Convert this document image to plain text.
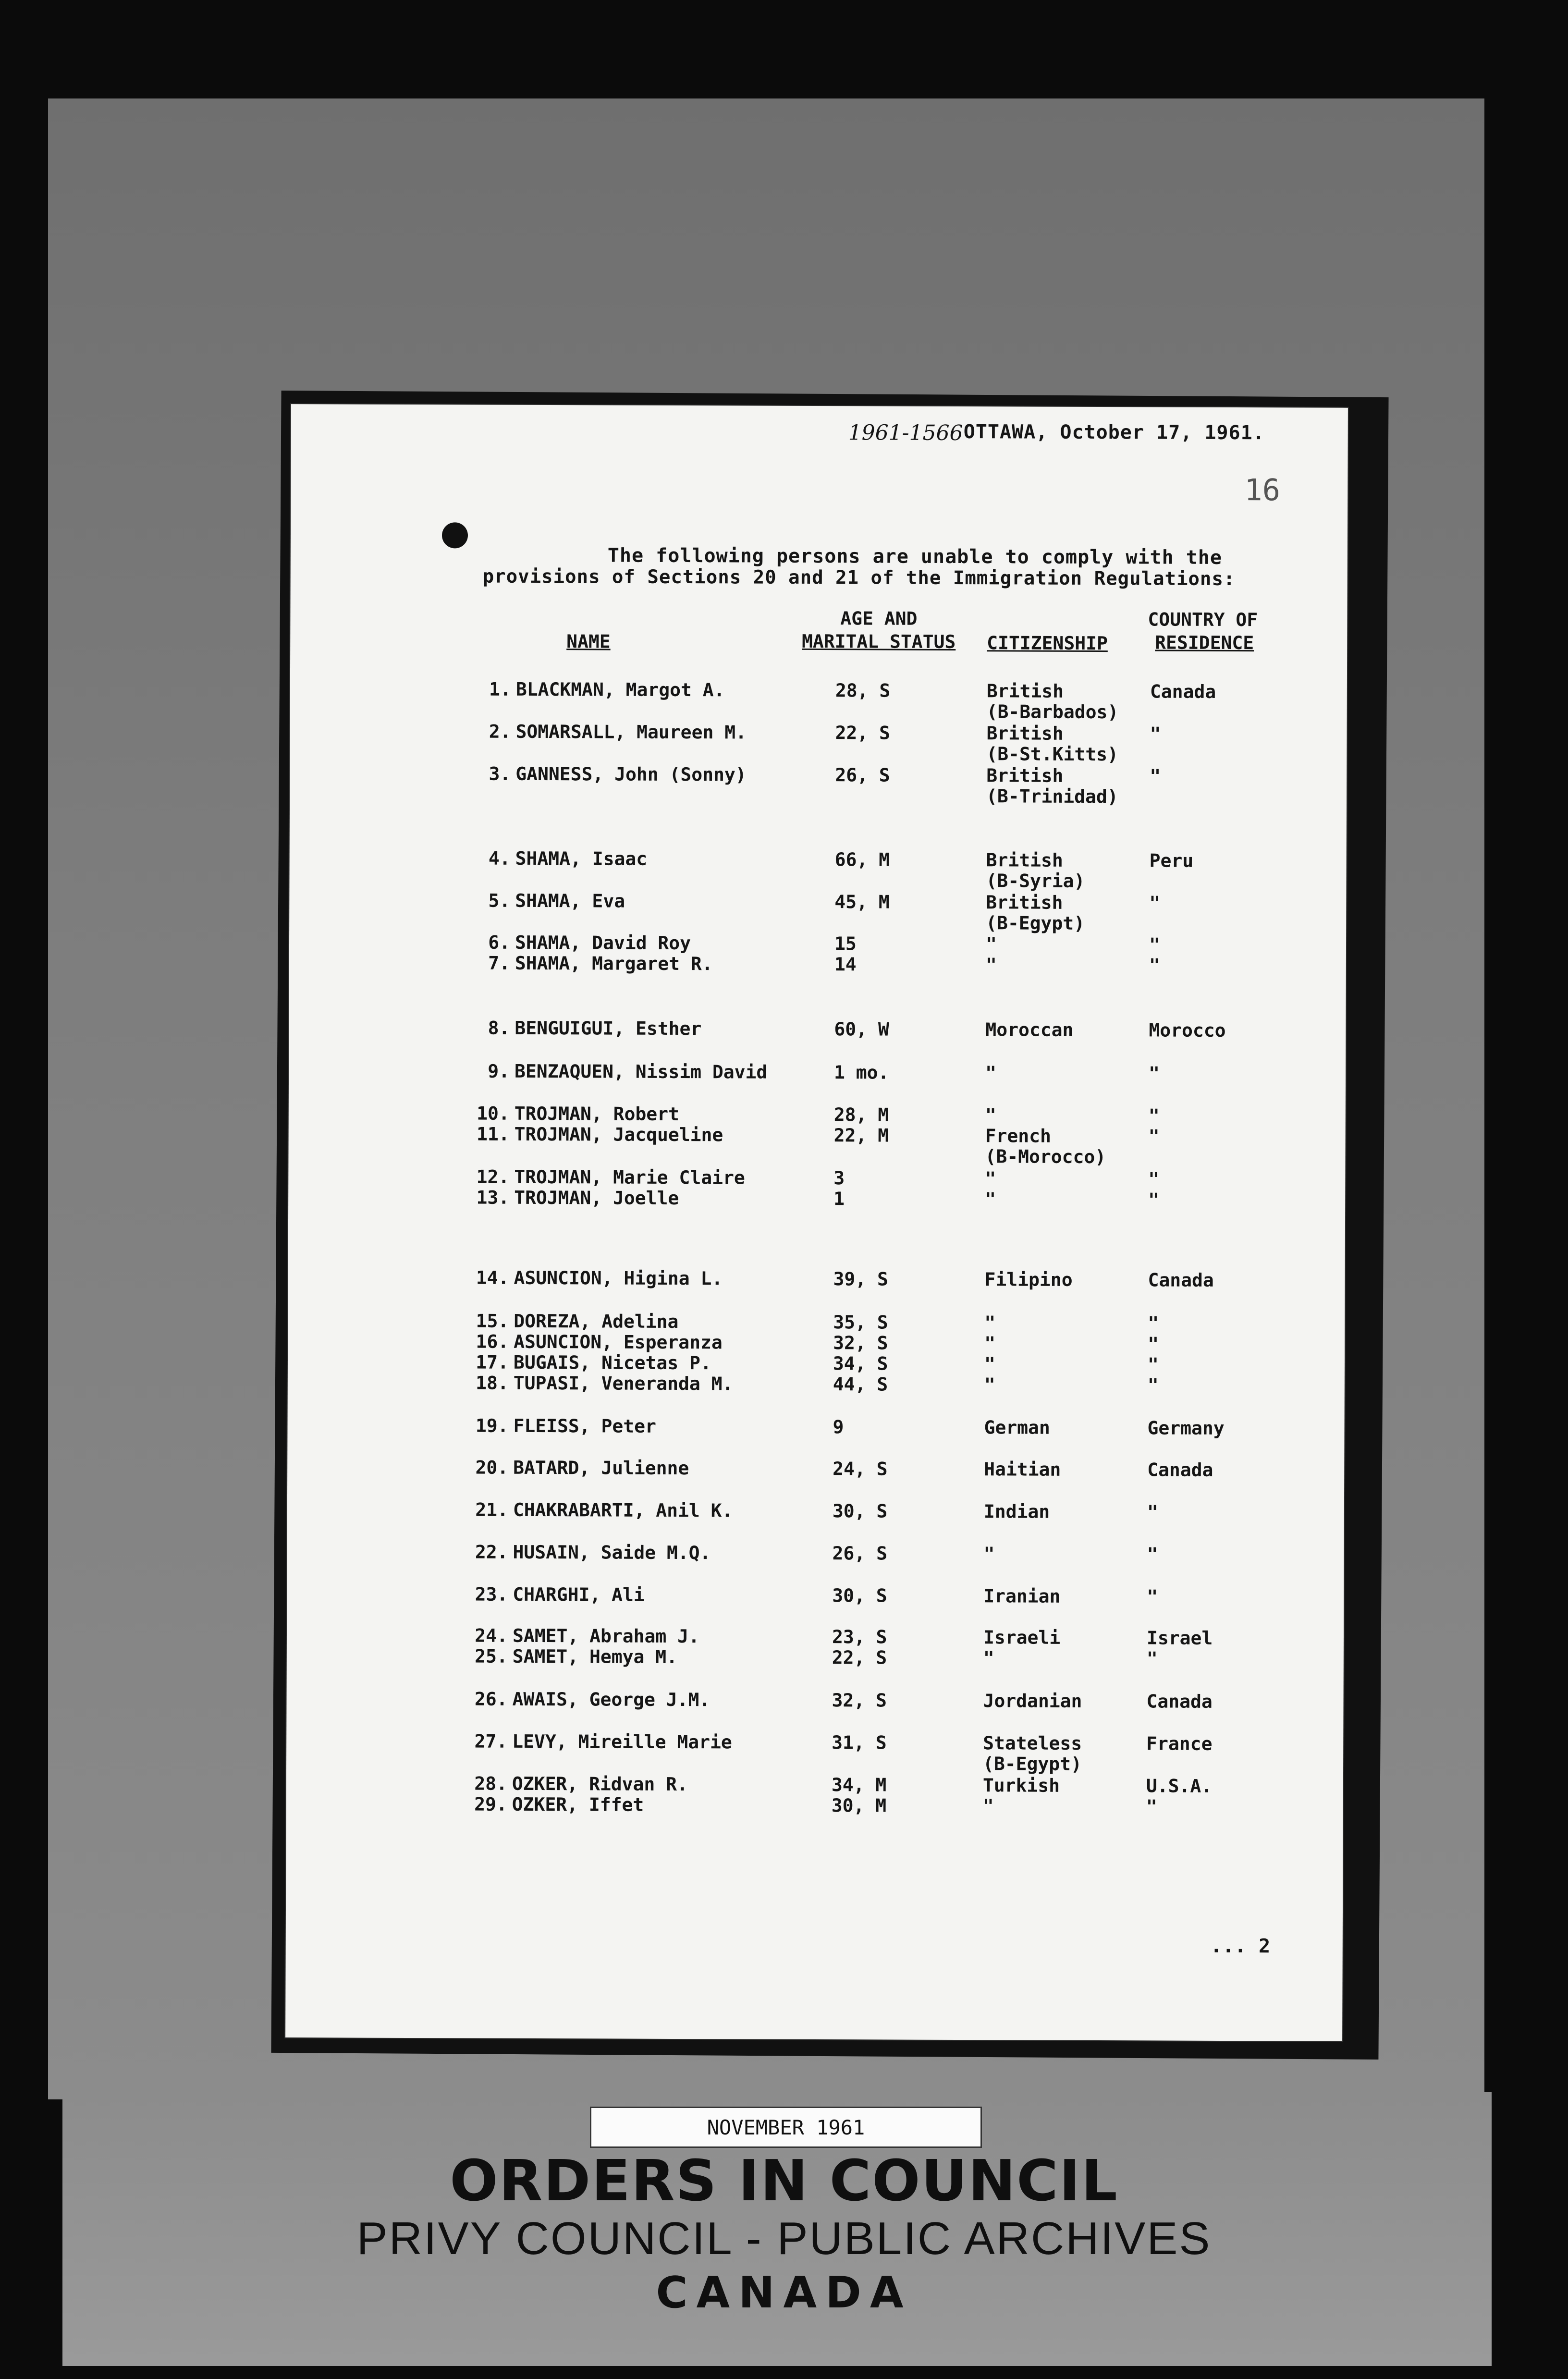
1961-1566 OTTAWA, October 17, 1961.
16
The following persons are unable to comply with the
provisions of Sections 20 and 21 of the Immigration Regulations:
NAME
AGE AND
MARITAL STATUS	CITIZENSHIP
COUNTRY OF
RESIDENCE
1. BLACKMAN, Margot A.	28, S	British	Canada
(B-Barbados)
2. SOMARSALL, Maureen M.	22, S	British	"
(B-St.Kitts)
3. GANNESS, John (Sonny)	26, S	British	"
(B-Trinidad)
4. SHAMA, Isaac	66, M	British	Peru
(B-Syria)
5. SHAMA, Eva	45, M	British	"
(B-Egypt)
6. SHAMA, David Roy	15	"	"
7. SHAMA, Margaret R.	14	"	"
8. BENGUIGUI, Esther	60, W	Moroccan	Morocco
9. BENZAQUEN, Nissim David	1 mo.	"	"
10. TROJMAN, Robert	28, M	"	"
11. TROJMAN, Jacqueline	22, M	French	"
(B-Morocco)
12. TROJMAN, Marie Claire	3	"	"
13. TROJMAN, Joelle	1	"	"
14. ASUNCION, Higina L.	39, S	Filipino	Canada
15. DOREZA, Adelina	35, S	"	"
16. ASUNCION, Esperanza	32, S	"	"
17. BUGAIS, Nicetas P.	34, S	"	"
18. TUPASI, Veneranda M.	44, S	"	"
19. FLEISS, Peter	9	German	Germany
20. BATARD, Julienne	24, S	Haitian	Canada
21. CHAKRABARTI, Anil K.	30, S	Indian	"
22. HUSAIN, Saide M.Q.	26, S	"	"
23. CHARGHI, Ali	30, S	Iranian	"
24. SAMET, Abraham J.	23, S	Israeli	Israel
25. SAMET, Hemya M.	22, S	"	"
26. AWAIS, George J.M.	32, S	Jordanian	Canada
27. LEVY, Mireille Marie	31, S	Stateless	France
(B-Egypt)
28. OZKER, Ridvan R.	34, M	Turkish	U.S.A.
29. OZKER, Iffet	30, M	"	"
... 2
NOVEMBER 1961
ORDERS IN COUNCIL
PRIVY COUNCIL - PUBLIC ARCHIVES
CANADA
